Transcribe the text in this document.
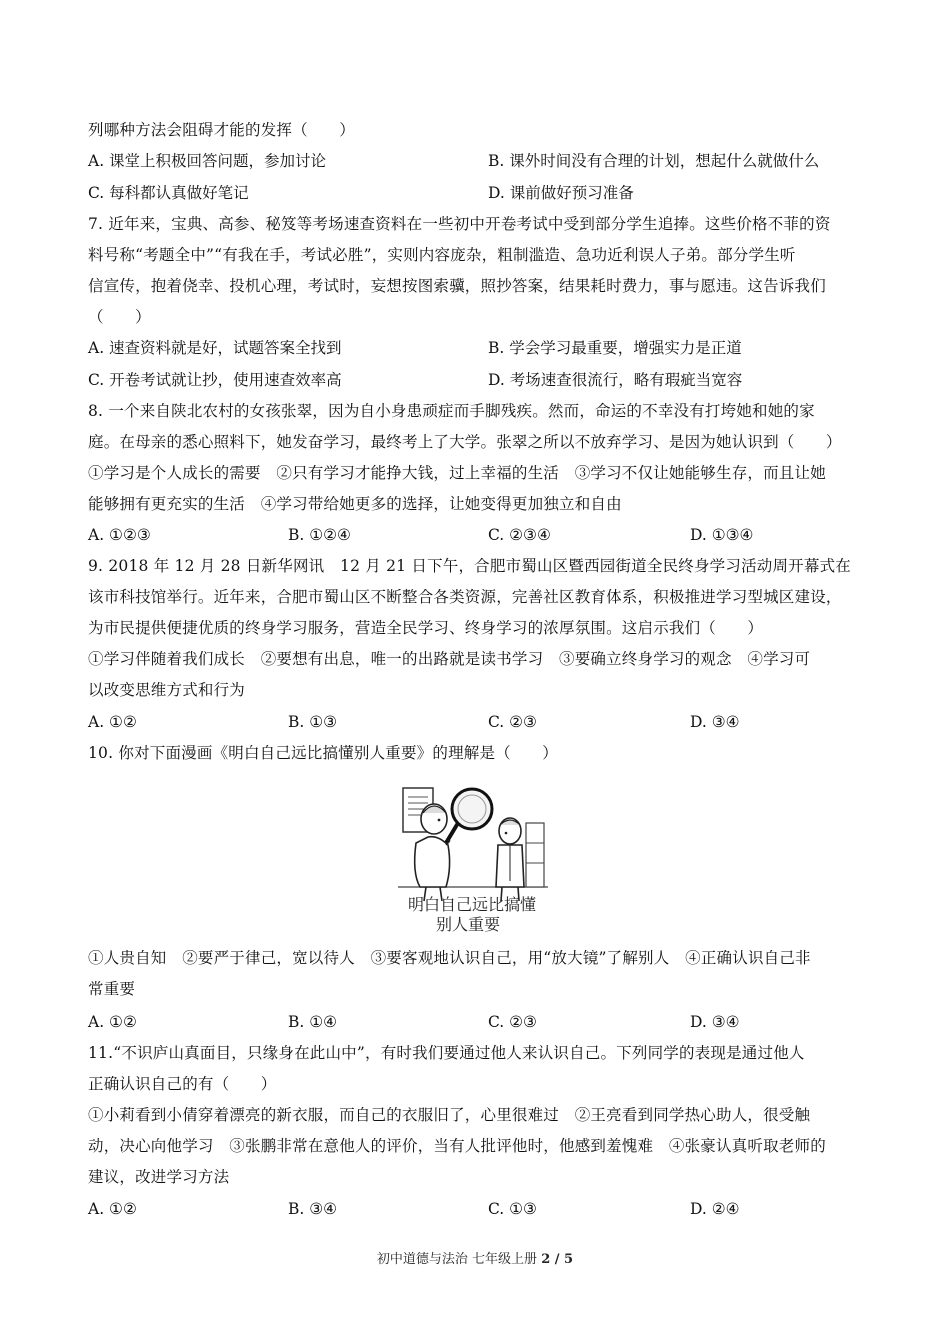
列哪种方法会阻碍才能的发挥（　　）
A. 课堂上积极回答问题，参加讨论	B. 课外时间没有合理的计划，想起什么就做什么
C. 每科都认真做好笔记	D. 课前做好预习准备
7. 近年来，宝典、高参、秘笈等考场速查资料在一些初中开卷考试中受到部分学生追捧。这些价格不菲的资
料号称“考题全中”“有我在手，考试必胜”，实则内容庞杂，粗制滥造、急功近利误人子弟。部分学生听
信宣传，抱着侥幸、投机心理，考试时，妄想按图索骥，照抄答案，结果耗时费力，事与愿违。这告诉我们
（　　）
A. 速查资料就是好，试题答案全找到	B. 学会学习最重要，增强实力是正道
C. 开卷考试就让抄，使用速查效率高	D. 考场速查很流行，略有瑕疵当宽容
8. 一个来自陕北农村的女孩张翠，因为自小身患顽症而手脚残疾。然而，命运的不幸没有打垮她和她的家
庭。在母亲的悉心照料下，她发奋学习，最终考上了大学。张翠之所以不放弃学习、是因为她认识到（　　）
①学习是个人成长的需要　②只有学习才能挣大钱，过上幸福的生活　③学习不仅让她能够生存，而且让她
能够拥有更充实的生活　④学习带给她更多的选择，让她变得更加独立和自由
A. ①②③	B. ①②④	C. ②③④	D. ①③④
9. 2018 年 12 月 28 日新华网讯　12 月 21 日下午，合肥市蜀山区暨西园街道全民终身学习活动周开幕式在
该市科技馆举行。近年来，合肥市蜀山区不断整合各类资源，完善社区教育体系，积极推进学习型城区建设，
为市民提供便捷优质的终身学习服务，营造全民学习、终身学习的浓厚氛围。这启示我们（　　）
①学习伴随着我们成长　②要想有出息，唯一的出路就是读书学习　③要确立终身学习的观念　④学习可
以改变思维方式和行为
A. ①②	B. ①③	C. ②③	D. ③④
10. 你对下面漫画《明白自己远比搞懂别人重要》的理解是（　　）
明白自己远比搞懂
别人重要
①人贵自知　②要严于律己，宽以待人　③要客观地认识自己，用“放大镜”了解别人　④正确认识自己非
常重要
A. ①②	B. ①④	C. ②③	D. ③④
11.“不识庐山真面目，只缘身在此山中”，有时我们要通过他人来认识自己。下列同学的表现是通过他人
正确认识自己的有（　　）
①小莉看到小倩穿着漂亮的新衣服，而自己的衣服旧了，心里很难过　②王亮看到同学热心助人，很受触
动，决心向他学习　③张鹏非常在意他人的评价，当有人批评他时，他感到羞愧难　④张豪认真听取老师的
建议，改进学习方法
A. ①②	B. ③④	C. ①③	D. ②④
初中道德与法治 七年级上册 2 / 5
